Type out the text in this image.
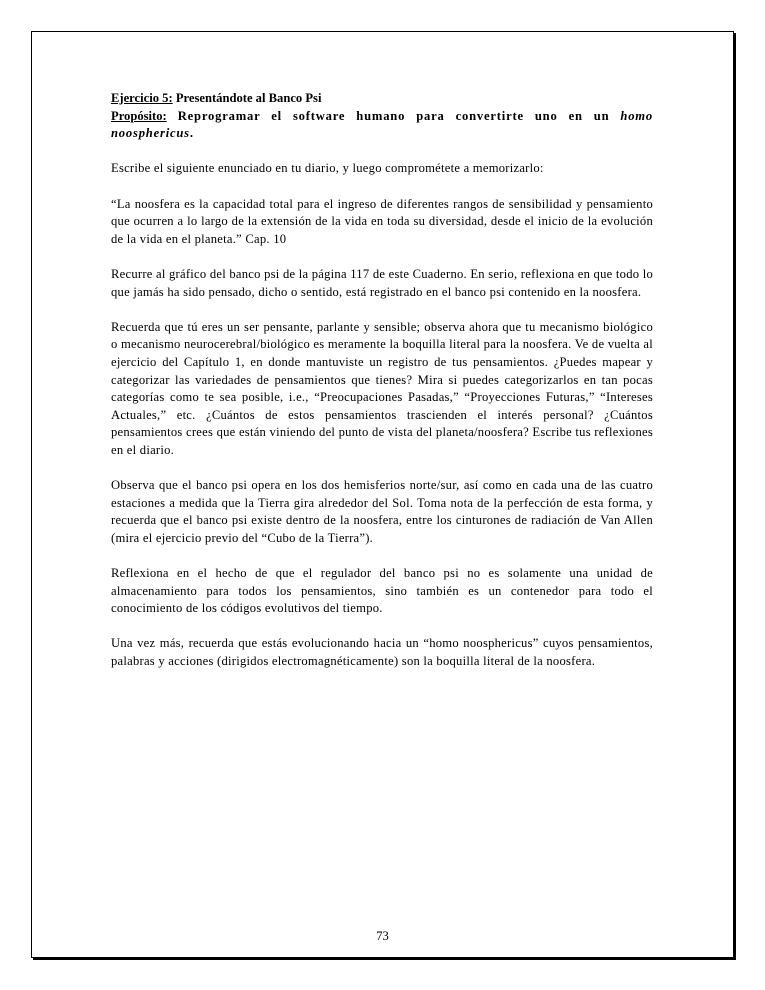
Ejercicio 5: Presentándote al Banco Psi

Propósito: Reprogramar el software humano para convertirte uno en un homo noosphericus.

Escribe el siguiente enunciado en tu diario, y luego comprométete a memorizarlo:

“La noosfera es la capacidad total para el ingreso de diferentes rangos de sensibilidad y pensamiento que ocurren a lo largo de la extensión de la vida en toda su diversidad, desde el inicio de la evolución de la vida en el planeta.” Cap. 10

Recurre al gráfico del banco psi de la página 117 de este Cuaderno. En serio, reflexiona en que todo lo que jamás ha sido pensado, dicho o sentido, está registrado en el banco psi contenido en la noosfera.

Recuerda que tú eres un ser pensante, parlante y sensible; observa ahora que tu mecanismo biológico o mecanismo neurocerebral/biológico es meramente la boquilla literal para la noosfera. Ve de vuelta al ejercicio del Capítulo 1, en donde mantuviste un registro de tus pensamientos. ¿Puedes mapear y categorizar las variedades de pensamientos que tienes? Mira si puedes categorizarlos en tan pocas categorías como te sea posible, i.e., “Preocupaciones Pasadas,” “Proyecciones Futuras,” “Intereses Actuales,” etc. ¿Cuántos de estos pensamientos trascienden el interés personal? ¿Cuántos pensamientos crees que están viniendo del punto de vista del planeta/noosfera? Escribe tus reflexiones en el diario.

Observa que el banco psi opera en los dos hemisferios norte/sur, así como en cada una de las cuatro estaciones a medida que la Tierra gira alrededor del Sol. Toma nota de la perfección de esta forma, y recuerda que el banco psi existe dentro de la noosfera, entre los cinturones de radiación de Van Allen (mira el ejercicio previo del “Cubo de la Tierra”).

Reflexiona en el hecho de que el regulador del banco psi no es solamente una unidad de almacenamiento para todos los pensamientos, sino también es un contenedor para todo el conocimiento de los códigos evolutivos del tiempo.

Una vez más, recuerda que estás evolucionando hacia un “homo noosphericus” cuyos pensamientos, palabras y acciones (dirigidos electromagnéticamente) son la boquilla literal de la noosfera.

73
